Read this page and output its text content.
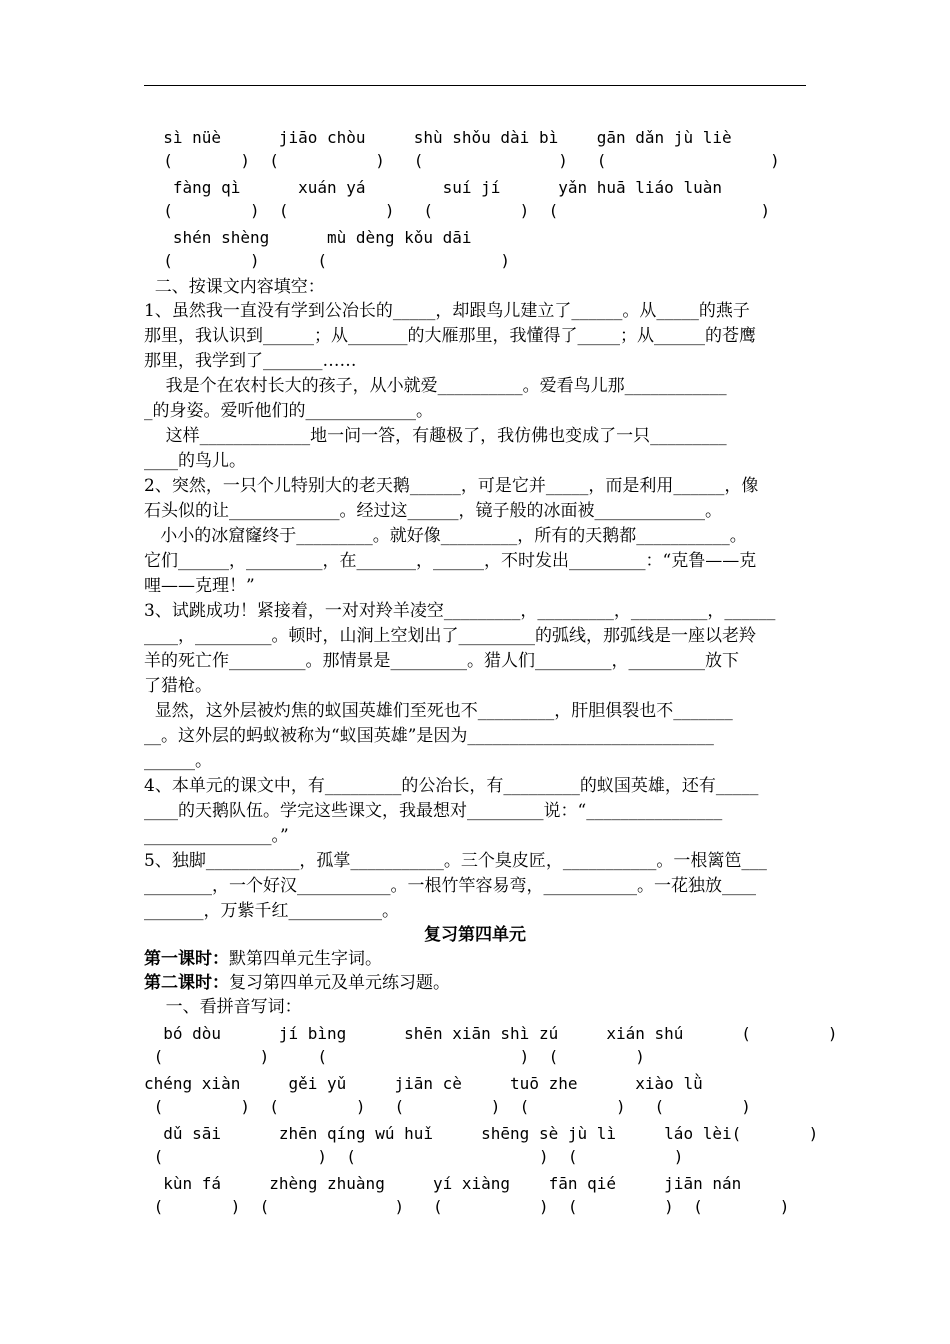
sì nüè      jiāo chòu     shù shǒu dài bì    gān dǎn jù liè
(       )  (          )   (              )   (                 )
fàng qì      xuán yá        suí jí      yǎn huā liáo luàn
(        )  (          )   (         )  (                     )
shén shèng      mù dèng kǒu dāi
(        )      (                  )
二、按课文内容填空：
1、虽然我一直没有学到公冶长的_____，却跟鸟儿建立了______。从_____的燕子
那里，我认识到______；从_______的大雁那里，我懂得了_____；从______的苍鹰
那里，我学到了_______……
我是个在农村长大的孩子，从小就爱__________。爱看鸟儿那____________
_的身姿。爱听他们的_____________。
这样_____________地一问一答，有趣极了，我仿佛也变成了一只_________
____的鸟儿。
2、突然，一只个儿特别大的老天鹅______，可是它并_____，而是利用______，像
石头似的让_____________。经过这______，镜子般的冰面被_____________。
小小的冰窟窿终于_________。就好像_________，所有的天鹅都___________。
它们______，_________，在_______，______，不时发出_________：“克鲁——克
哩——克理！”
3、试跳成功！紧接着，一对对羚羊凌空_________，_________，_________，______
____，_________。顿时，山涧上空划出了_________的弧线，那弧线是一座以老羚
羊的死亡作_________。那情景是_________。猎人们_________，_________放下
了猎枪。
显然，这外层被灼焦的蚁国英雄们至死也不_________，肝胆俱裂也不_______
__。这外层的蚂蚁被称为“蚁国英雄”是因为_____________________________
______。
4、本单元的课文中，有_________的公冶长，有_________的蚁国英雄，还有_____
____的天鹅队伍。学完这些课文，我最想对_________说：“________________
_______________。”
5、独脚___________，孤掌___________。三个臭皮匠，___________。一根篱笆___
________，一个好汉___________。一根竹竿容易弯，___________。一花独放____
_______，万紫千红___________。
复习第四单元
第一课时：默第四单元生字词。
第二课时：复习第四单元及单元练习题。
一、看拼音写词：
bó dòu      jí bìng      shēn xiān shì zú     xián shú      (        )
(          )     (                    )  (        )
chéng xiàn     gěi yǔ     jiān cè     tuō zhe      xiào lǜ
(        )  (        )   (         )  (         )   (        )
dǔ sāi      zhēn qíng wú huǐ     shēng sè jù lì     láo lèi(       )
(                )  (                   )  (          )
kùn fá     zhèng zhuàng     yí xiàng    fān qié     jiān nán
(       )  (             )   (          )  (         )  (        )
